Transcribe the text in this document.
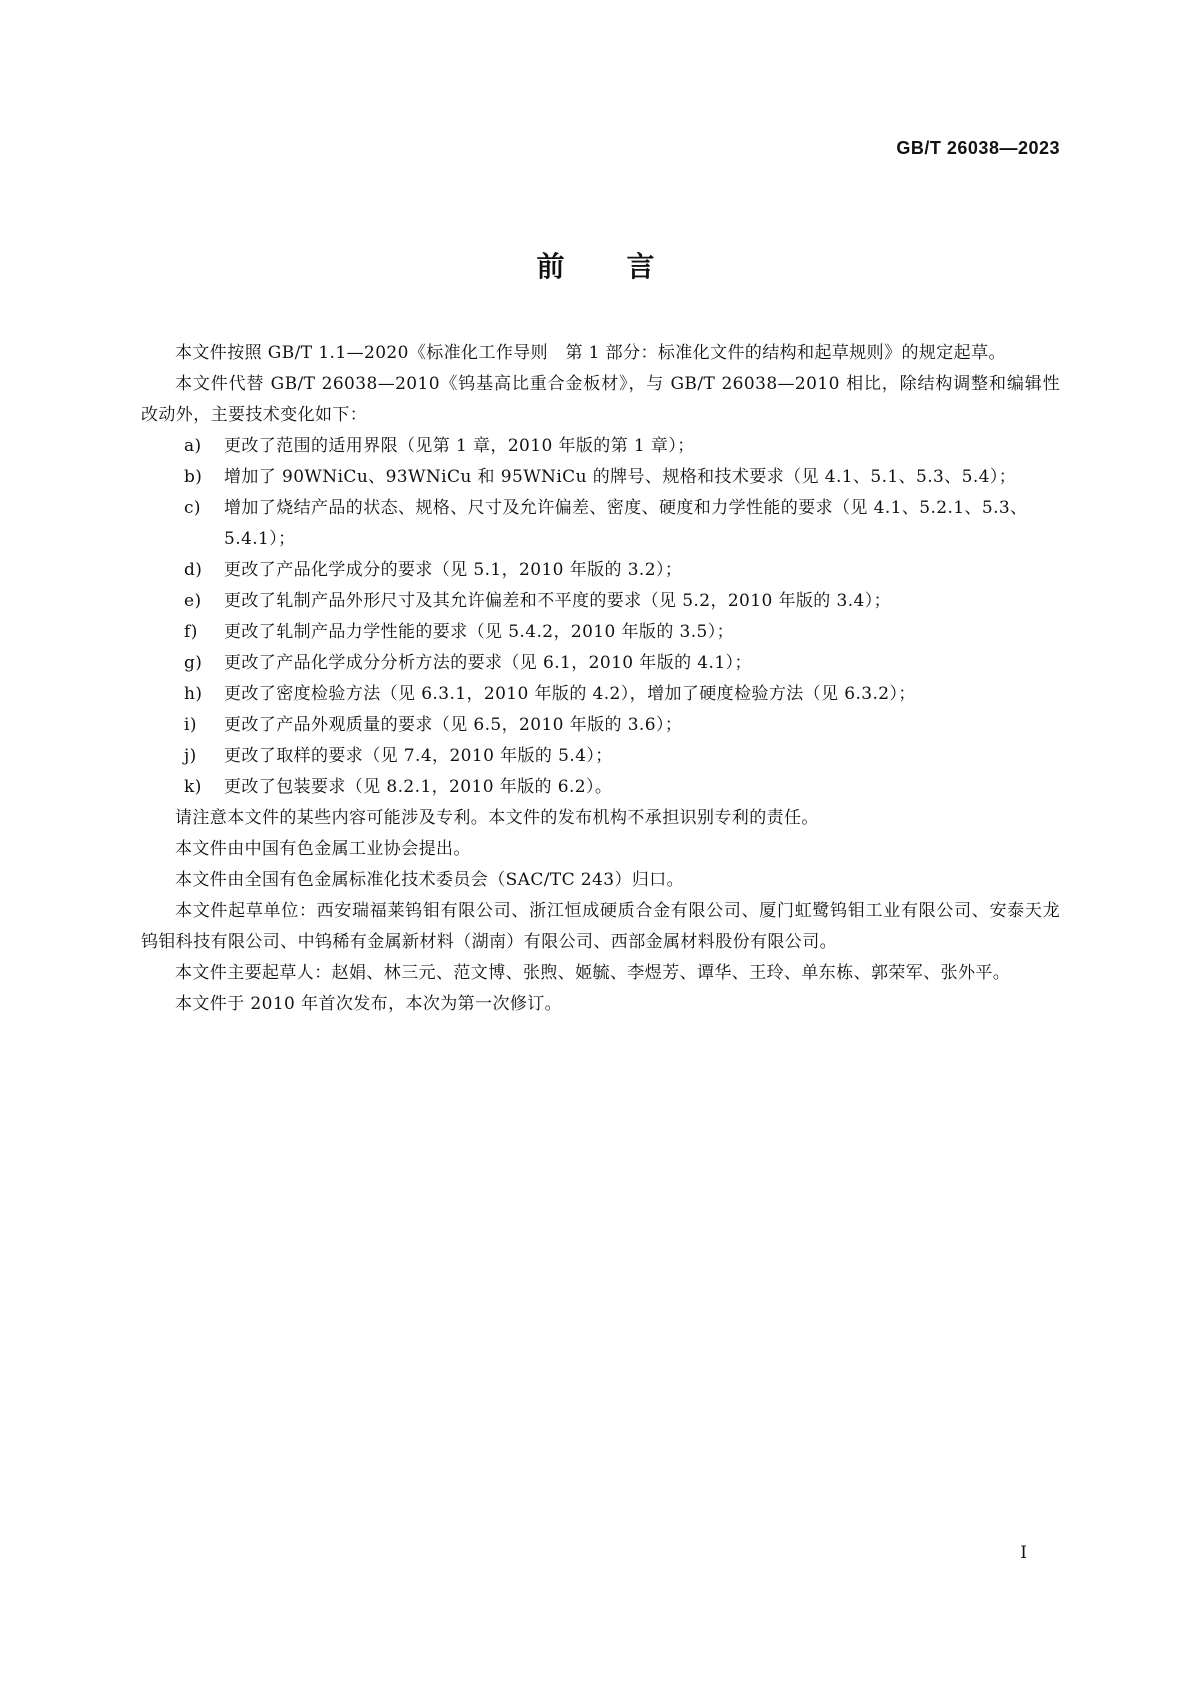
GB/T 26038—2023
前言

本文件按照 GB/T 1.1—2020《标准化工作导则　第 1 部分：标准化文件的结构和起草规则》的规定起草。

本文件代替 GB/T 26038—2010《钨基高比重合金板材》，与 GB/T 26038—2010 相比，除结构调整和编辑性改动外，主要技术变化如下：

a) 更改了范围的适用界限（见第 1 章，2010 年版的第 1 章）；
b) 增加了 90WNiCu、93WNiCu 和 95WNiCu 的牌号、规格和技术要求（见 4.1、5.1、5.3、5.4）；
c) 增加了烧结产品的状态、规格、尺寸及允许偏差、密度、硬度和力学性能的要求（见 4.1、5.2.1、5.3、5.4.1）；
d) 更改了产品化学成分的要求（见 5.1，2010 年版的 3.2）；
e) 更改了轧制产品外形尺寸及其允许偏差和不平度的要求（见 5.2，2010 年版的 3.4）；
f) 更改了轧制产品力学性能的要求（见 5.4.2，2010 年版的 3.5）；
g) 更改了产品化学成分分析方法的要求（见 6.1，2010 年版的 4.1）；
h) 更改了密度检验方法（见 6.3.1，2010 年版的 4.2），增加了硬度检验方法（见 6.3.2）；
i) 更改了产品外观质量的要求（见 6.5，2010 年版的 3.6）；
j) 更改了取样的要求（见 7.4，2010 年版的 5.4）；
k) 更改了包装要求（见 8.2.1，2010 年版的 6.2）。

请注意本文件的某些内容可能涉及专利。本文件的发布机构不承担识别专利的责任。

本文件由中国有色金属工业协会提出。

本文件由全国有色金属标准化技术委员会（SAC/TC 243）归口。

本文件起草单位：西安瑞福莱钨钼有限公司、浙江恒成硬质合金有限公司、厦门虹鹭钨钼工业有限公司、安泰天龙钨钼科技有限公司、中钨稀有金属新材料（湖南）有限公司、西部金属材料股份有限公司。

本文件主要起草人：赵娟、林三元、范文博、张煦、姬毓、李煜芳、谭华、王玲、单东栋、郭荣军、张外平。

本文件于 2010 年首次发布，本次为第一次修订。

I
